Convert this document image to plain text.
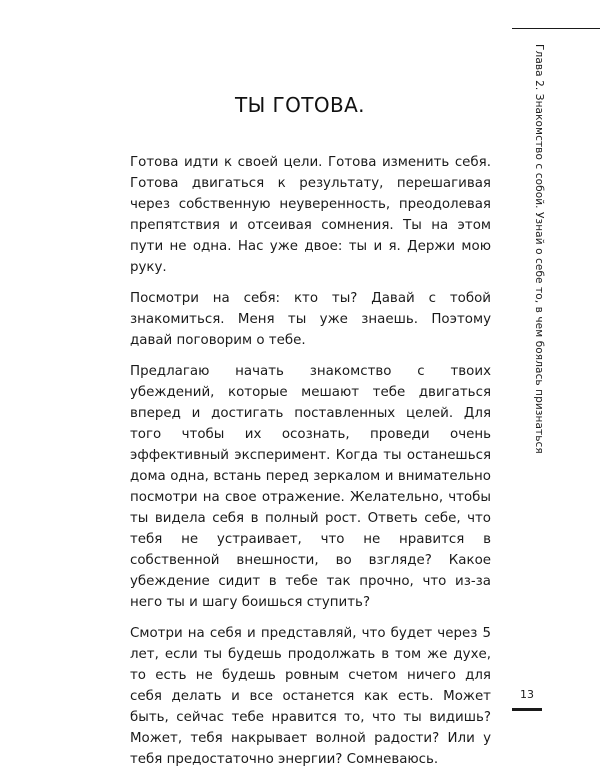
Глава 2. Знакомство с собой. Узнай о себе то, в чем боялась признаться
ТЫ ГОТОВА.

Готова идти к своей цели. Готова изменить себя. Готова двигаться к результату, перешагивая через собственную неуверенность, преодолевая препятствия и отсеивая сомнения. Ты на этом пути не одна. Нас уже двое: ты и я. Держи мою руку.

Посмотри на себя: кто ты? Давай с тобой знакомиться. Меня ты уже знаешь. Поэтому давай поговорим о тебе.

Предлагаю начать знакомство с твоих убеждений, которые мешают тебе двигаться вперед и достигать поставленных целей. Для того чтобы их осознать, проведи очень эффективный эксперимент. Когда ты останешься дома одна, встань перед зеркалом и внимательно посмотри на свое отражение. Желательно, чтобы ты видела себя в полный рост. Ответь себе, что тебя не устраивает, что не нравится в собственной внешности, во взгляде? Какое убеждение сидит в тебе так прочно, что из-за него ты и шагу боишься ступить?

Смотри на себя и представляй, что будет через 5 лет, если ты будешь продолжать в том же духе, то есть не будешь ровным счетом ничего для себя делать и все останется как есть. Может быть, сейчас тебе нравится то, что ты видишь? Может, тебя накрывает волной радости? Или у тебя предостаточно энергии? Сомневаюсь.

13
